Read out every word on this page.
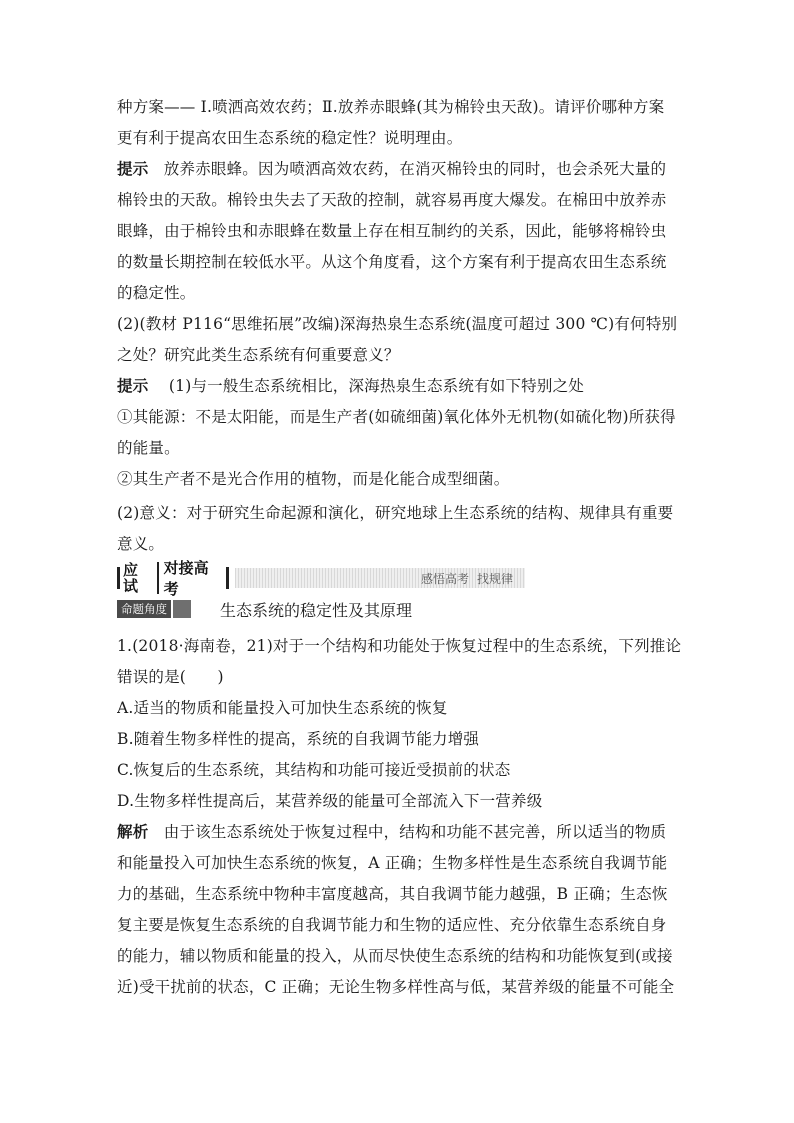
种方案—— Ⅰ.喷洒高效农药；Ⅱ.放养赤眼蜂(其为棉铃虫天敌)。请评价哪种方案
更有利于提高农田生态系统的稳定性？说明理由。
提示 放养赤眼蜂。因为喷洒高效农药，在消灭棉铃虫的同时，也会杀死大量的
棉铃虫的天敌。棉铃虫失去了天敌的控制，就容易再度大爆发。在棉田中放养赤
眼蜂，由于棉铃虫和赤眼蜂在数量上存在相互制约的关系，因此，能够将棉铃虫
的数量长期控制在较低水平。从这个角度看，这个方案有利于提高农田生态系统
的稳定性。
(2)(教材 P116“思维拓展”改编)深海热泉生态系统(温度可超过 300 ℃)有何特别
之处？研究此类生态系统有何重要意义？
提示 (1)与一般生态系统相比，深海热泉生态系统有如下特别之处
①其能源：不是太阳能，而是生产者(如硫细菌)氧化体外无机物(如硫化物)所获得
的能量。
②其生产者不是光合作用的植物，而是化能合成型细菌。
(2)意义：对于研究生命起源和演化，研究地球上生态系统的结构、规律具有重要
意义。
应试
对接高考
感悟高考 找规律
命题角度	生态系统的稳定性及其原理
1.(2018·海南卷，21)对于一个结构和功能处于恢复过程中的生态系统，下列推论
错误的是(　　)
A.适当的物质和能量投入可加快生态系统的恢复
B.随着生物多样性的提高，系统的自我调节能力增强
C.恢复后的生态系统，其结构和功能可接近受损前的状态
D.生物多样性提高后，某营养级的能量可全部流入下一营养级
解析 由于该生态系统处于恢复过程中，结构和功能不甚完善，所以适当的物质
和能量投入可加快生态系统的恢复，A 正确；生物多样性是生态系统自我调节能
力的基础，生态系统中物种丰富度越高，其自我调节能力越强，B 正确；生态恢
复主要是恢复生态系统的自我调节能力和生物的适应性、充分依靠生态系统自身
的能力，辅以物质和能量的投入，从而尽快使生态系统的结构和功能恢复到(或接
近)受干扰前的状态，C 正确；无论生物多样性高与低，某营养级的能量不可能全
